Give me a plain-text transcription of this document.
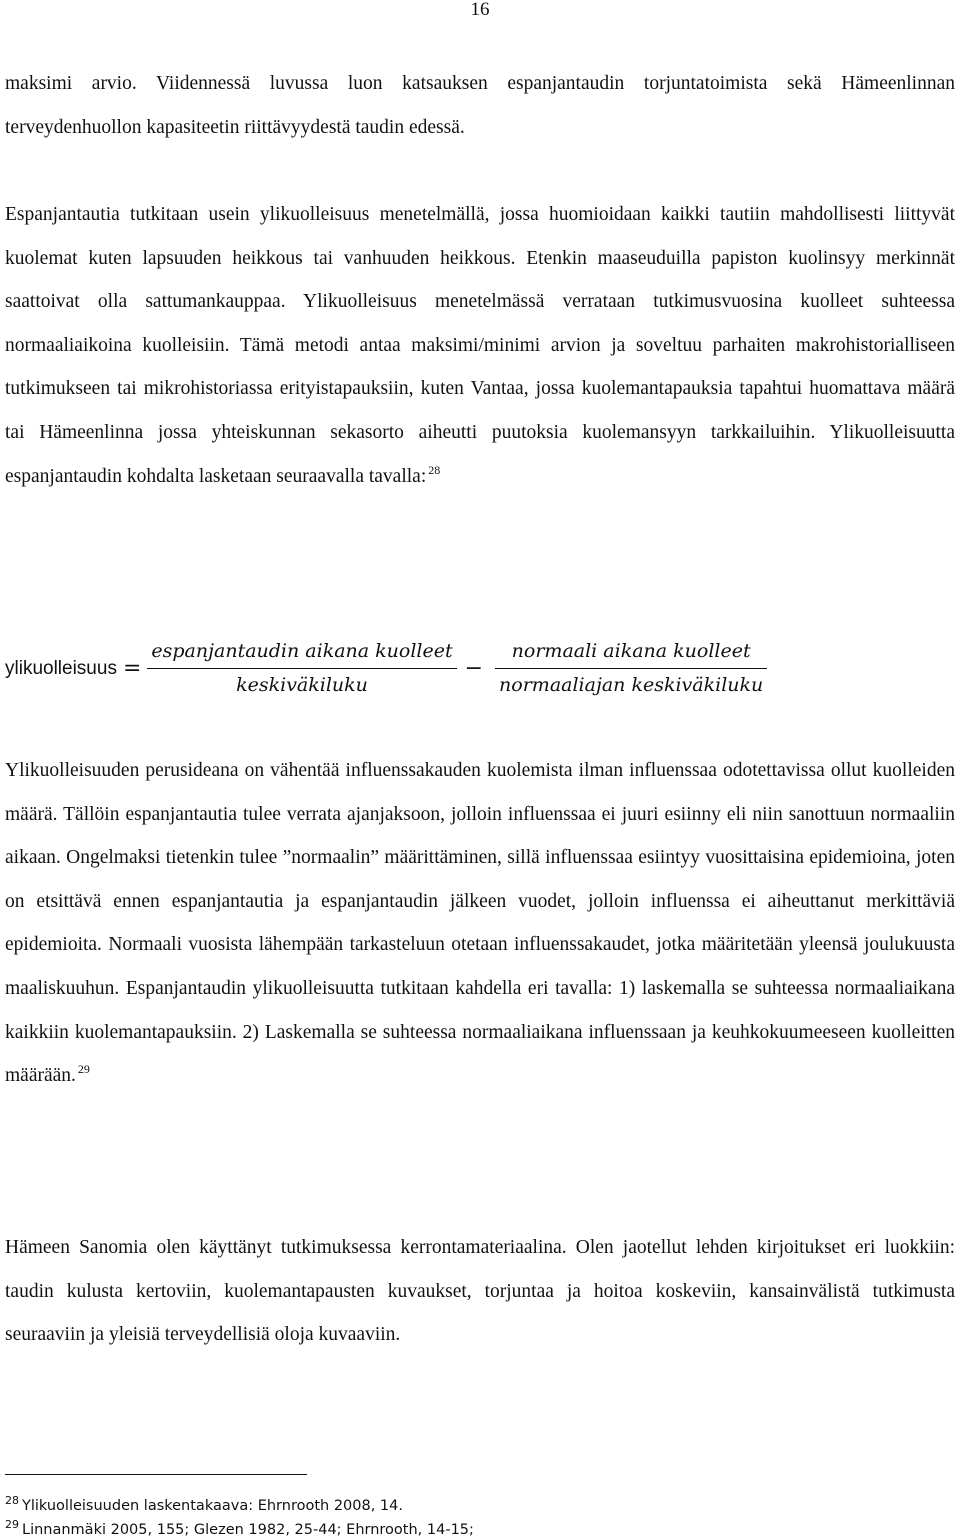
16

maksimi arvio. Viidennessä luvussa luon katsauksen espanjantaudin torjuntatoimista sekä Hämeenlinnan terveydenhuollon kapasiteetin riittävyydestä taudin edessä.

Espanjantautia tutkitaan usein ylikuolleisuus menetelmällä, jossa huomioidaan kaikki tautiin mahdollisesti liittyvät kuolemat kuten lapsuuden heikkous tai vanhuuden heikkous. Etenkin maaseuduilla papiston kuolinsyy merkinnät saattoivat olla sattumankauppaa. Ylikuolleisuus menetelmässä verrataan tutkimusvuosina kuolleet suhteessa normaaliaikoina kuolleisiin. Tämä metodi antaa maksimi/minimi arvion ja soveltuu parhaiten makrohistorialliseen tutkimukseen tai mikrohistoriassa erityistapauksiin, kuten Vantaa, jossa kuolemantapauksia tapahtui huomattava määrä tai Hämeenlinna jossa yhteiskunnan sekasorto aiheutti puutoksia kuolemansyyn tarkkailuihin. Ylikuolleisuutta espanjantaudin kohdalta lasketaan seuraavalla tavalla: $^{28}$

ylikuolleisuus = $\frac{\text{espanjantaudin aikana kuolleet}}{\text{keskiväkiluku}} - \frac{\text{normaali aikana kuolleet}}{\text{normaaliajan keskiväkiluku}}$

Ylikuolleisuuden perusideana on vähentää influenssakauden kuolemista ilman influenssaa odotettavissa ollut kuolleiden määrä. Tällöin espanjantautia tulee verrata ajanjaksoon, jolloin influenssaa ei juuri esiinny eli niin sanottuun normaaliin aikaan. Ongelmaksi tietenkin tulee ”normaalin” määrittäminen, sillä influenssaa esiintyy vuosittaisina epidemioina, joten on etsittävä ennen espanjantautia ja espanjantaudin jälkeen vuodet, jolloin influenssa ei aiheuttanut merkittäviä epidemioita. Normaali vuosista lähempään tarkasteluun otetaan influenssakaudet, jotka määritetään yleensä joulukuusta maaliskuuhun. Espanjantaudin ylikuolleisuutta tutkitaan kahdella eri tavalla: 1) laskemalla se suhteessa normaaliaikana kaikkiin kuolemantapauksiin. 2) Laskemalla se suhteessa normaaliaikana influenssaan ja keuhkokuumeeseen kuolleitten määrään. $^{29}$

Hämeen Sanomia olen käyttänyt tutkimuksessa kerrontamateriaalina. Olen jaotellut lehden kirjoitukset eri luokkiin: taudin kulusta kertoviin, kuolemantapausten kuvaukset, torjuntaa ja hoitoa koskeviin, kansainvälistä tutkimusta seuraaviin ja yleisiä terveydellisiä oloja kuvaaviin.

$^{28}$ Ylikuolleisuuden laskentakaava: Ehrnrooth 2008, 14.
$^{29}$ Linnanmäki 2005, 155; Glezen 1982, 25-44; Ehrnrooth, 14-15;
